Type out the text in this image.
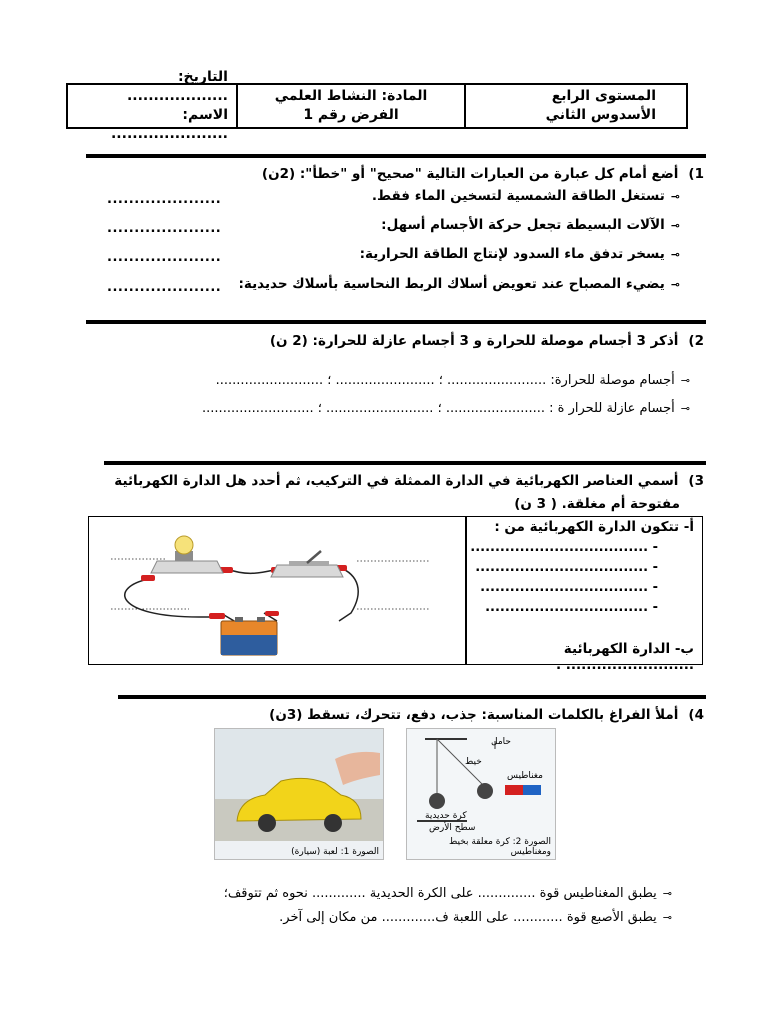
المستوى الرابع
الأسدوس الثاني
المادة: النشاط العلمي
الفرض رقم 1
التاريخ: ...................
الاسم: ......................
1)أضع أمام كل عبارة من العبارات التالية "صحيح" أو "خطأ": (2ن)
⊸تستغل الطاقة الشمسية لتسخين الماء فقط.
.....................
⊸الآلات البسيطة تجعل حركة الأجسام أسهل:
.....................
⊸يسخر تدفق ماء السدود لإنتاج الطاقة الحرارية:
.....................
⊸يضيء المصباح عند تعويض أسلاك الربط النحاسية بأسلاك حديدية:
.....................
2)أذكر 3 أجسام موصلة للحرارة و 3 أجسام عازلة للحرارة: (2 ن)
⊸أجسام موصلة للحرارة: ........................ ؛ ........................ ؛ ..........................
⊸أجسام عازلة للحرار ة : ........................ ؛ .......................... ؛ ...........................
3)أسمي العناصر الكهربائية في الدارة الممثلة في التركيب، ثم أحدد هل الدارة الكهربائية
مفتوحة أم مغلقة. ( 3 ن)
أ- تتكون الدارة الكهربائية من :
- ....................................
- ...................................
- ..................................
- .................................
ب- الدارة الكهربائية ......................... .
4)أملأ الفراغ بالكلمات المناسبة: جذب، دفع، تتحرك، تسقط (3ن)
الصورة 1: لعبة (سيارة)
حامل
خيط
مغناطيس
كرة حديدية
سطح الأرض
الصورة 2: كرة معلقة بخيط ومغناطيس
⊸يطبق المغناطيس قوة .............. على الكرة الحديدية ............. نحوه ثم تتوقف؛
⊸يطبق الأصبع قوة ............ على اللعبة ف............. من مكان إلى آخر.
